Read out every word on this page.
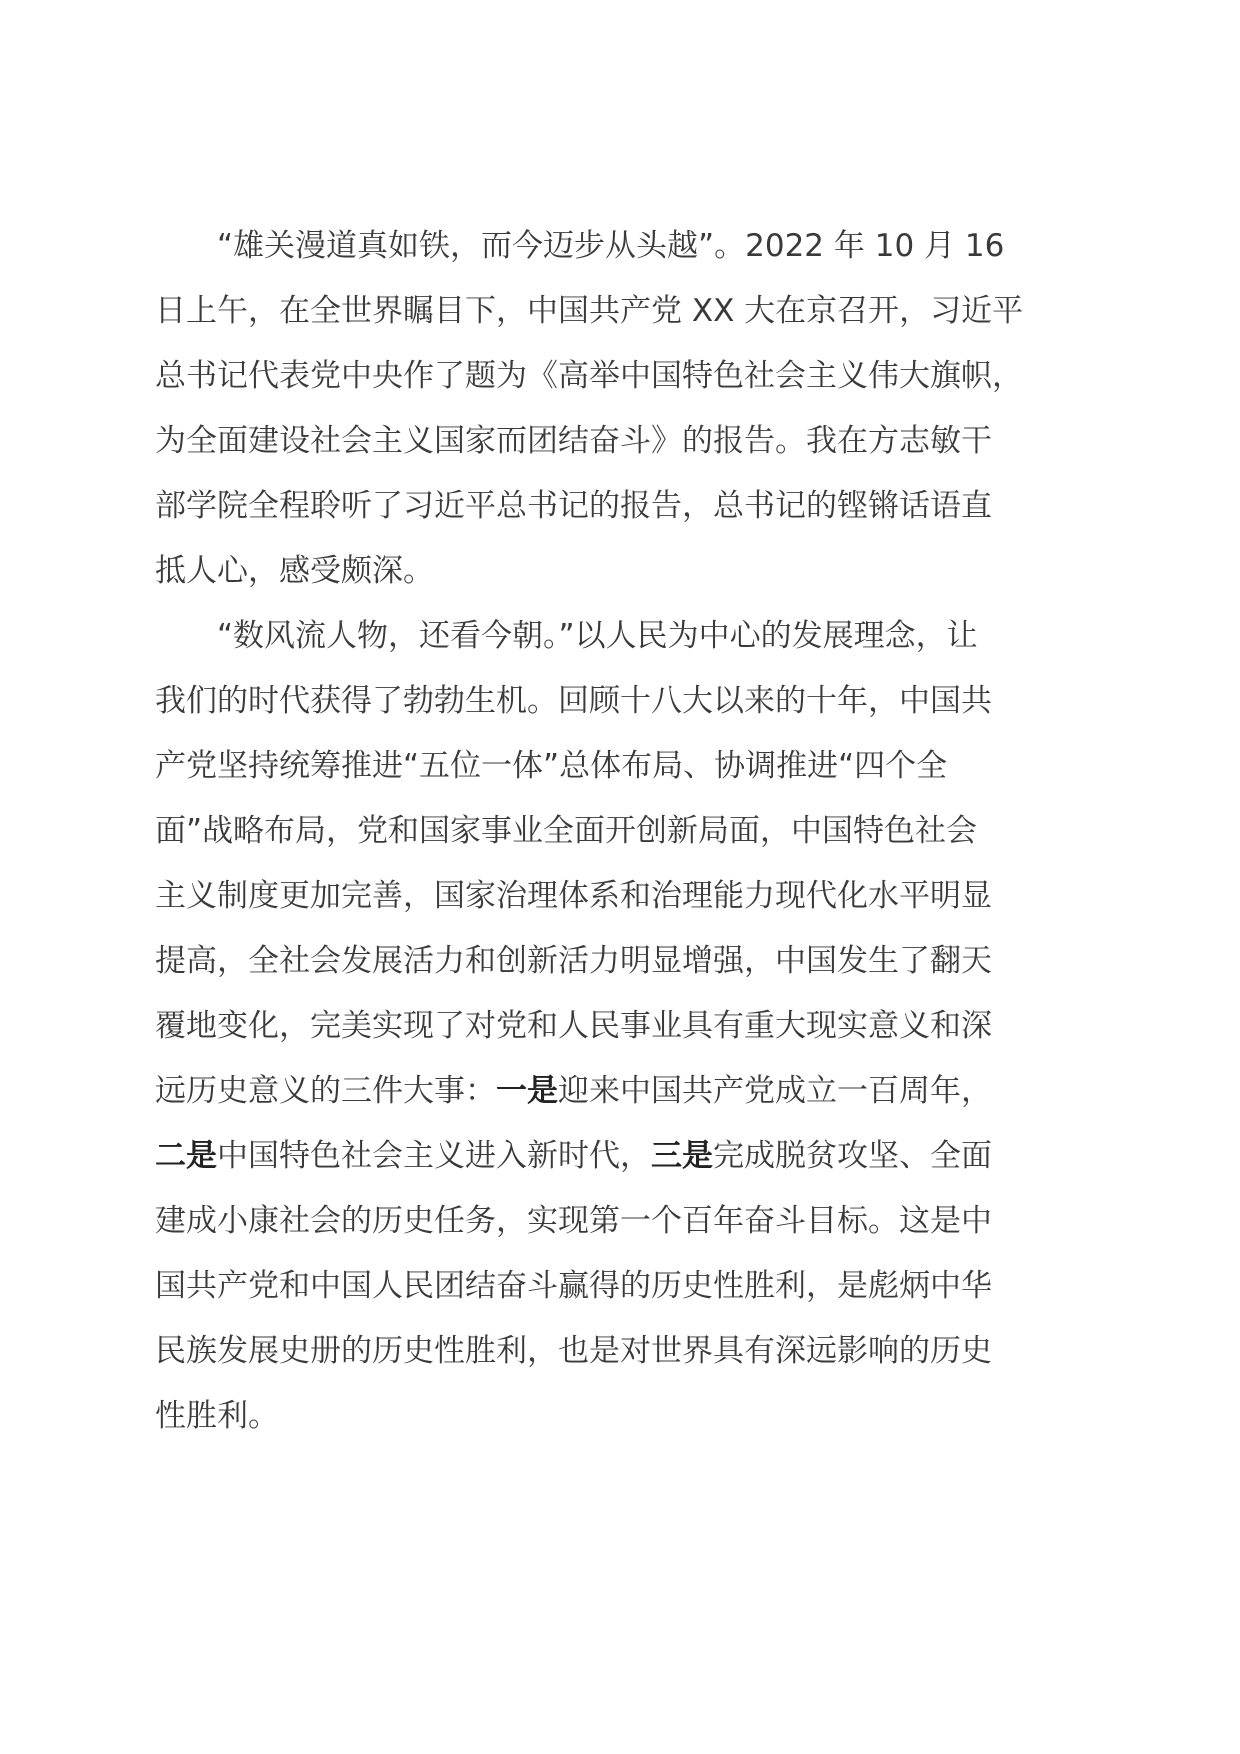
“雄关漫道真如铁，而今迈步从头越”。2022 年 10 月 16
日上午，在全世界瞩目下，中国共产党 XX 大在京召开，习近平
总书记代表党中央作了题为《高举中国特色社会主义伟大旗帜，
为全面建设社会主义国家而团结奋斗》的报告。我在方志敏干
部学院全程聆听了习近平总书记的报告，总书记的铿锵话语直
抵人心，感受颇深。
“数风流人物，还看今朝。”以人民为中心的发展理念，让
我们的时代获得了勃勃生机。回顾十八大以来的十年，中国共
产党坚持统筹推进“五位一体”总体布局、协调推进“四个全
面”战略布局，党和国家事业全面开创新局面，中国特色社会
主义制度更加完善，国家治理体系和治理能力现代化水平明显
提高，全社会发展活力和创新活力明显增强，中国发生了翻天
覆地变化，完美实现了对党和人民事业具有重大现实意义和深
远历史意义的三件大事：一是迎来中国共产党成立一百周年，
二是中国特色社会主义进入新时代，三是完成脱贫攻坚、全面
建成小康社会的历史任务，实现第一个百年奋斗目标。这是中
国共产党和中国人民团结奋斗赢得的历史性胜利，是彪炳中华
民族发展史册的历史性胜利，也是对世界具有深远影响的历史
性胜利。
